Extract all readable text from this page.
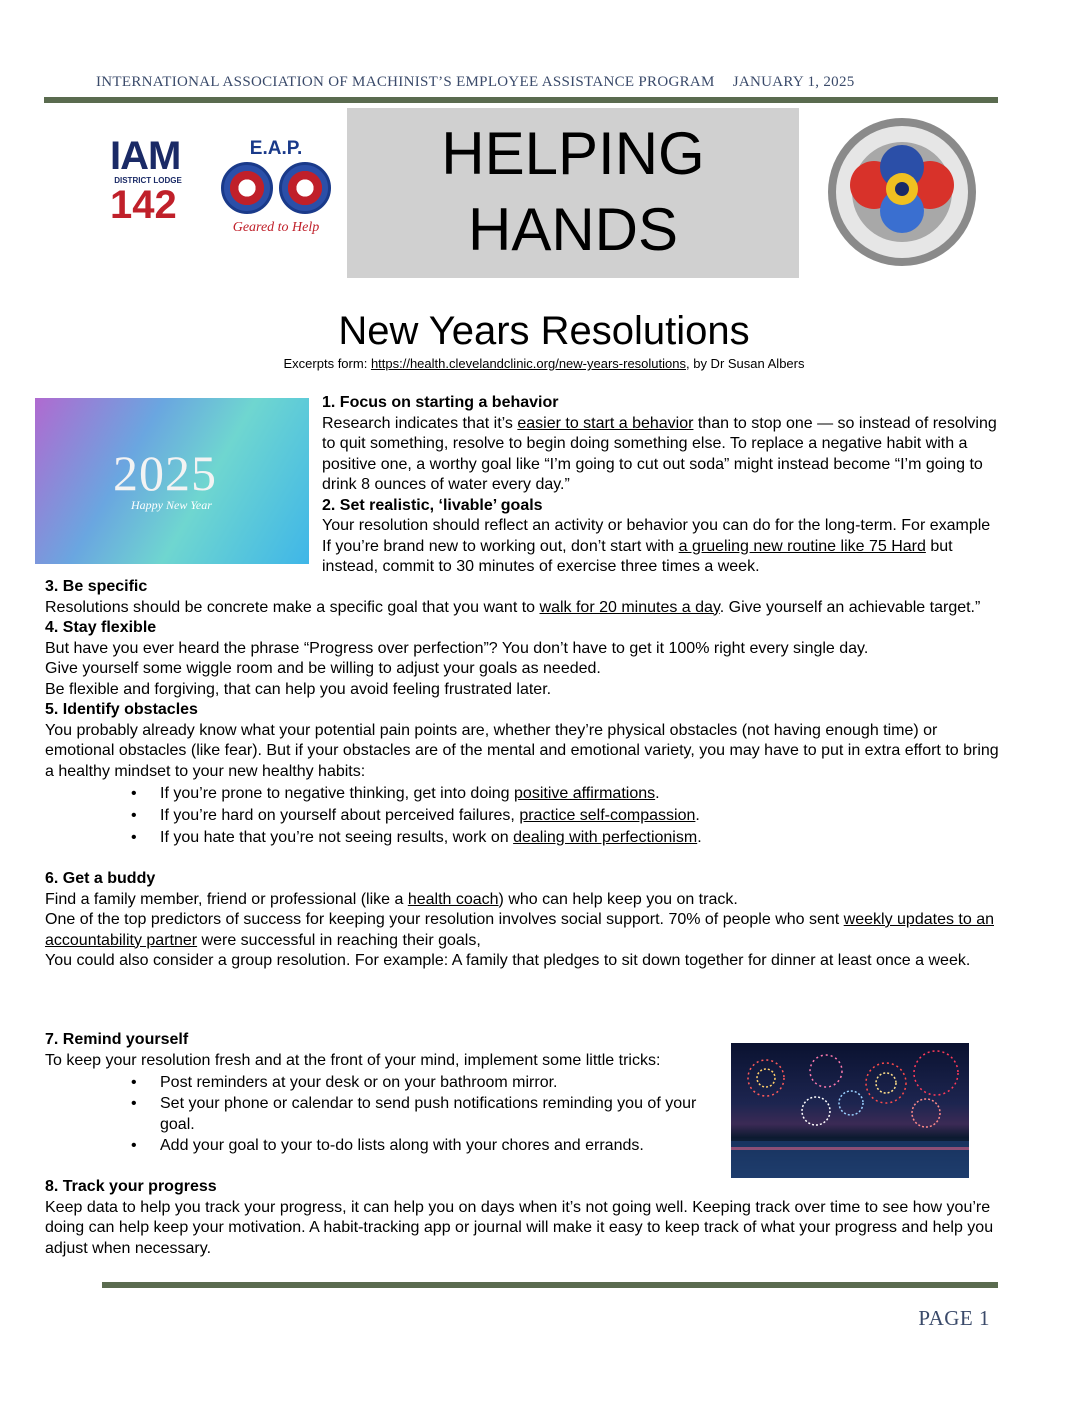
INTERNATIONAL ASSOCIATION OF MACHINIST’S EMPLOYEE ASSISTANCE PROGRAM JANUARY 1, 2025
IAM
DISTRICT LODGE
142
E.A.P.
Geared to Help
HELPING
HANDS
New Years Resolutions
Excerpts form: https://health.clevelandclinic.org/new-years-resolutions, by Dr Susan Albers
2025
Happy New Year

1. Focus on starting a behavior

Research indicates that it’s easier to start a behavior than to stop one — so instead of resolving to quit something, resolve to begin doing something else. To replace a negative habit with a positive one, a worthy goal like “I’m going to cut out soda” might instead become “I’m going to drink 8 ounces of water every day.”

2. Set realistic, ‘livable’ goals

Your resolution should reflect an activity or behavior you can do for the long-term. For example If you’re brand new to working out, don’t start with a grueling new routine like 75 Hard but instead, commit to 30 minutes of exercise three times a week.

3. Be specific

Resolutions should be concrete make a specific goal that you want to walk for 20 minutes a day. Give yourself an achievable target.”

4. Stay flexible

But have you ever heard the phrase “Progress over perfection”? You don’t have to get it 100% right every single day.

Give yourself some wiggle room and be willing to adjust your goals as needed.

Be flexible and forgiving, that can help you avoid feeling frustrated later.

5. Identify obstacles

You probably already know what your potential pain points are, whether they’re physical obstacles (not having enough time) or emotional obstacles (like fear). But if your obstacles are of the mental and emotional variety, you may have to put in extra effort to bring a healthy mindset to your new healthy habits:

• If you’re prone to negative thinking, get into doing positive affirmations.
• If you’re hard on yourself about perceived failures, practice self-compassion.
• If you hate that you’re not seeing results, work on dealing with perfectionism.

6. Get a buddy

Find a family member, friend or professional (like a health coach) who can help keep you on track.

One of the top predictors of success for keeping your resolution involves social support. 70% of people who sent weekly updates to an accountability partner were successful in reaching their goals,

You could also consider a group resolution. For example: A family that pledges to sit down together for dinner at least once a week.

7. Remind yourself

To keep your resolution fresh and at the front of your mind, implement some little tricks:

• Post reminders at your desk or on your bathroom mirror.
• Set your phone or calendar to send push notifications reminding you of your goal.
• Add your goal to your to-do lists along with your chores and errands.

8. Track your progress

Keep data to help you track your progress, it can help you on days when it’s not going well. Keeping track over time to see how you’re doing can help keep your motivation. A habit-tracking app or journal will make it easy to keep track of what your progress and help you adjust when necessary.

PAGE 1
